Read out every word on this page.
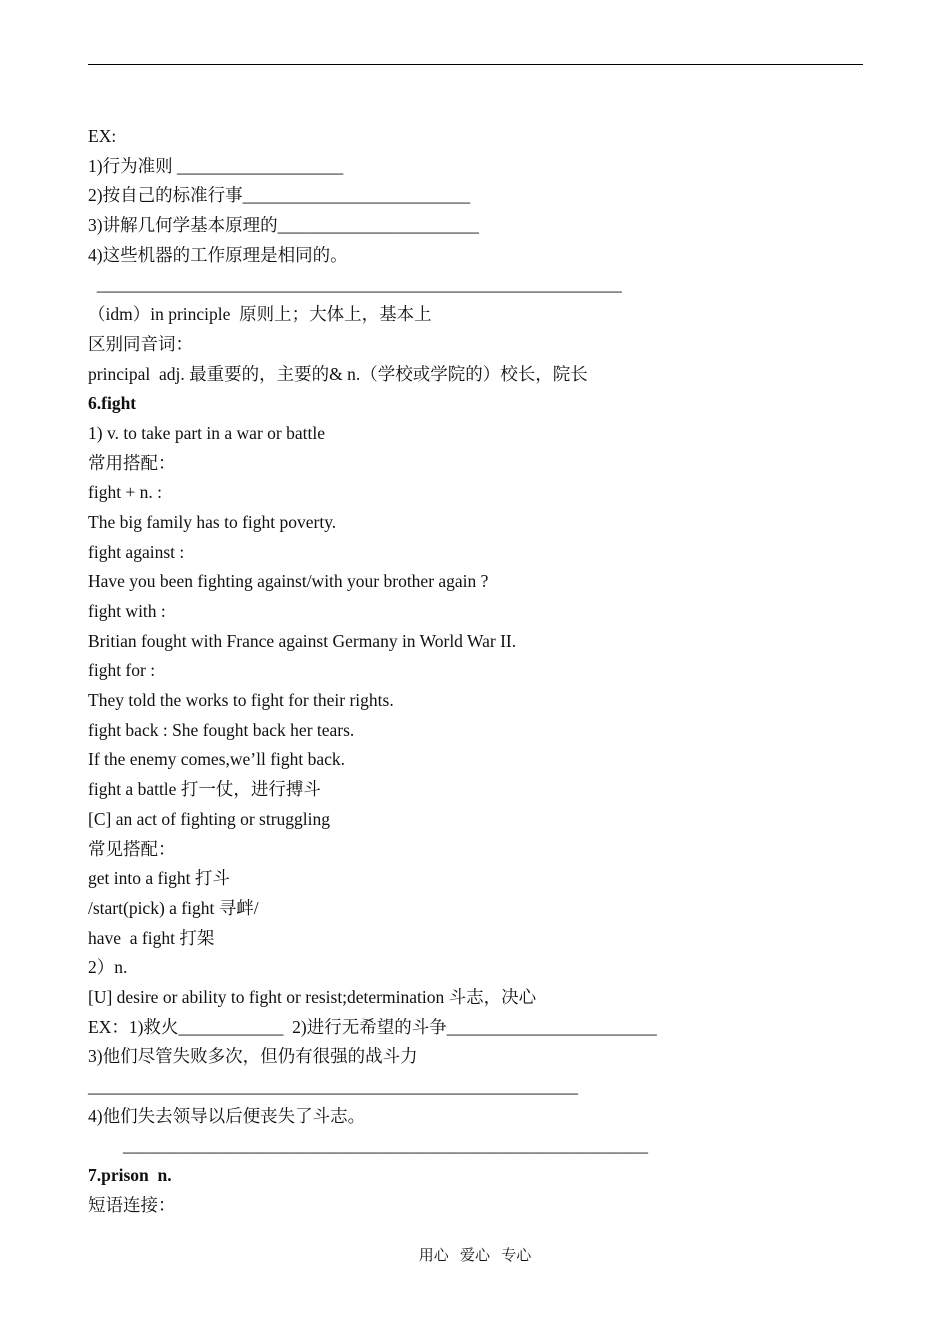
EX:
1)行为准则 ___________________
2)按自己的标准行事__________________________
3)讲解几何学基本原理的_______________________
4)这些机器的工作原理是相同的。
____________________________________________________________
（idm）in principle  原则上；大体上，基本上
区别同音词：
principal  adj. 最重要的，主要的& n.（学校或学院的）校长，院长
6.fight
1) v. to take part in a war or battle
常用搭配：
fight + n. :
The big family has to fight poverty.
fight against :
Have you been fighting against/with your brother again ?
fight with :
Britian fought with France against Germany in World War II.
fight for :
They told the works to fight for their rights.
fight back : She fought back her tears.
If the enemy comes,we’ll fight back.
fight a battle 打一仗，进行搏斗
[C] an act of fighting or struggling
常见搭配：
get into a fight 打斗
/start(pick) a fight 寻衅/
have  a fight 打架
2）n.
[U] desire or ability to fight or resist;determination 斗志，决心
EX：1)救火____________  2)进行无希望的斗争________________________
3)他们尽管失败多次，但仍有很强的战斗力
________________________________________________________
4)他们失去领导以后便丧失了斗志。
____________________________________________________________
7.prison  n.
短语连接：
用心   爱心   专心
